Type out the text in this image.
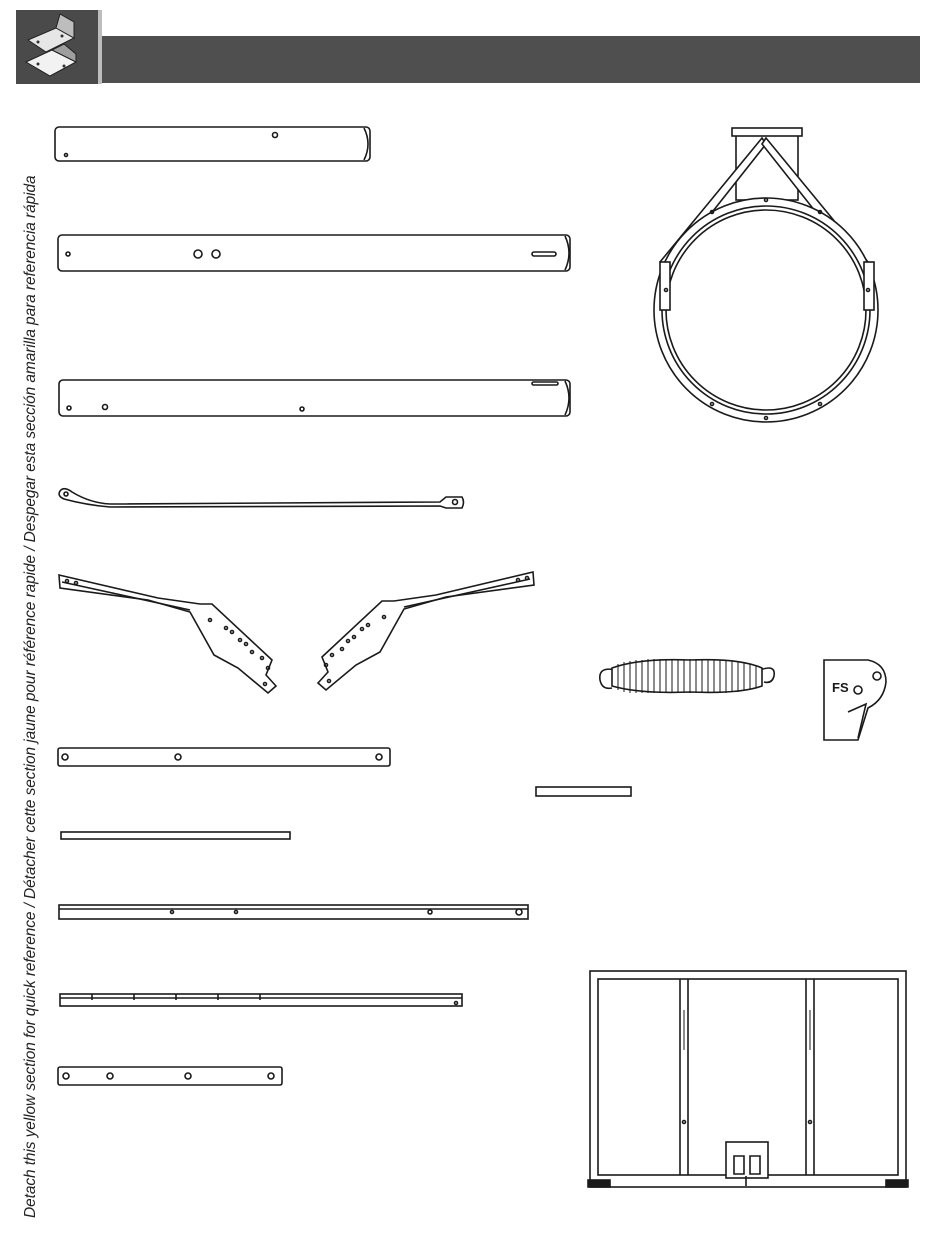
Detach this yellow section for quick reference / Détacher cette section jaune pour référence rapide / Despegar esta sección amarilla para referencia rápida	FS
